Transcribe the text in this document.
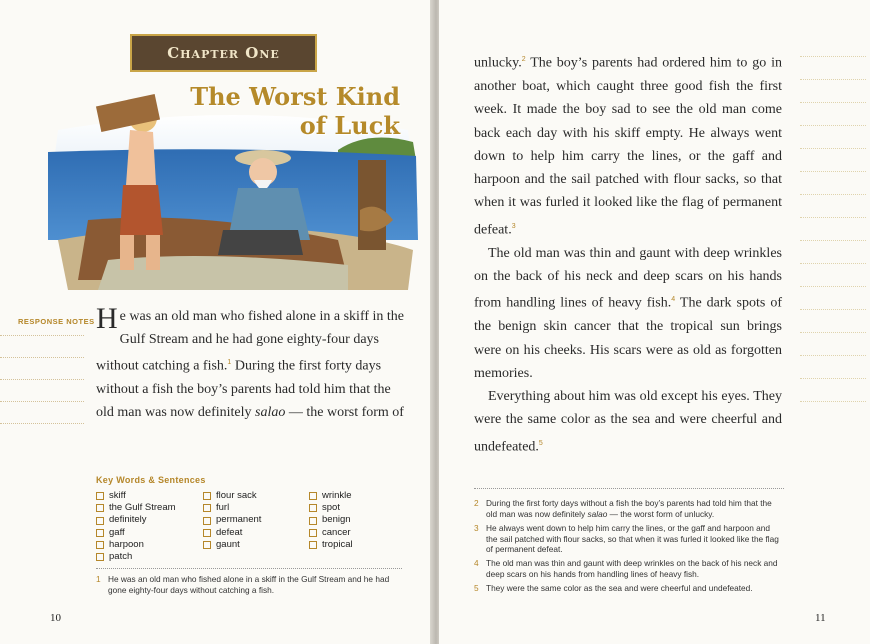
Chapter One
The Worst Kind
of Luck
RESPONSE NOTES He was an old man who fished alone in a skiff in the Gulf Stream and he had gone eighty-four days without catching a fish.$^1$ During the first forty days without a fish the boy’s parents had told him that the old man was now definitely salao — the worst form of
Key Words & Sentences
skiff
the Gulf Stream
definitely
gaff
harpoon
patch
flour sack
furl
permanent
defeat
gaunt
wrinkle
spot
benign
cancer
tropical
1 He was an old man who fished alone in a skiff in the Gulf Stream and he had gone eighty-four days without catching a fish.
10

unlucky.$^2$ The boy’s parents had ordered him to go in another boat, which caught three good fish the first week. It made the boy sad to see the old man come back each day with his skiff empty. He always went down to help him carry the lines, or the gaff and harpoon and the sail patched with flour sacks, so that when it was furled it looked like the flag of permanent defeat.$^3$

The old man was thin and gaunt with deep wrinkles on the back of his neck and deep scars on his hands from handling lines of heavy fish.$^4$ The dark spots of the benign skin cancer that the tropical sun brings were on his cheeks. His scars were as old as forgotten memories.

Everything about him was old except his eyes. They were the same color as the sea and were cheerful and undefeated.$^5$

2 During the first forty days without a fish the boy’s parents had told him that the old man was now definitely salao — the worst form of unlucky.
3 He always went down to help him carry the lines, or the gaff and harpoon and the sail patched with flour sacks, so that when it was furled it looked like the flag of permanent defeat.
4 The old man was thin and gaunt with deep wrinkles on the back of his neck and deep scars on his hands from handling lines of heavy fish.
5 They were the same color as the sea and were cheerful and undefeated.
11
